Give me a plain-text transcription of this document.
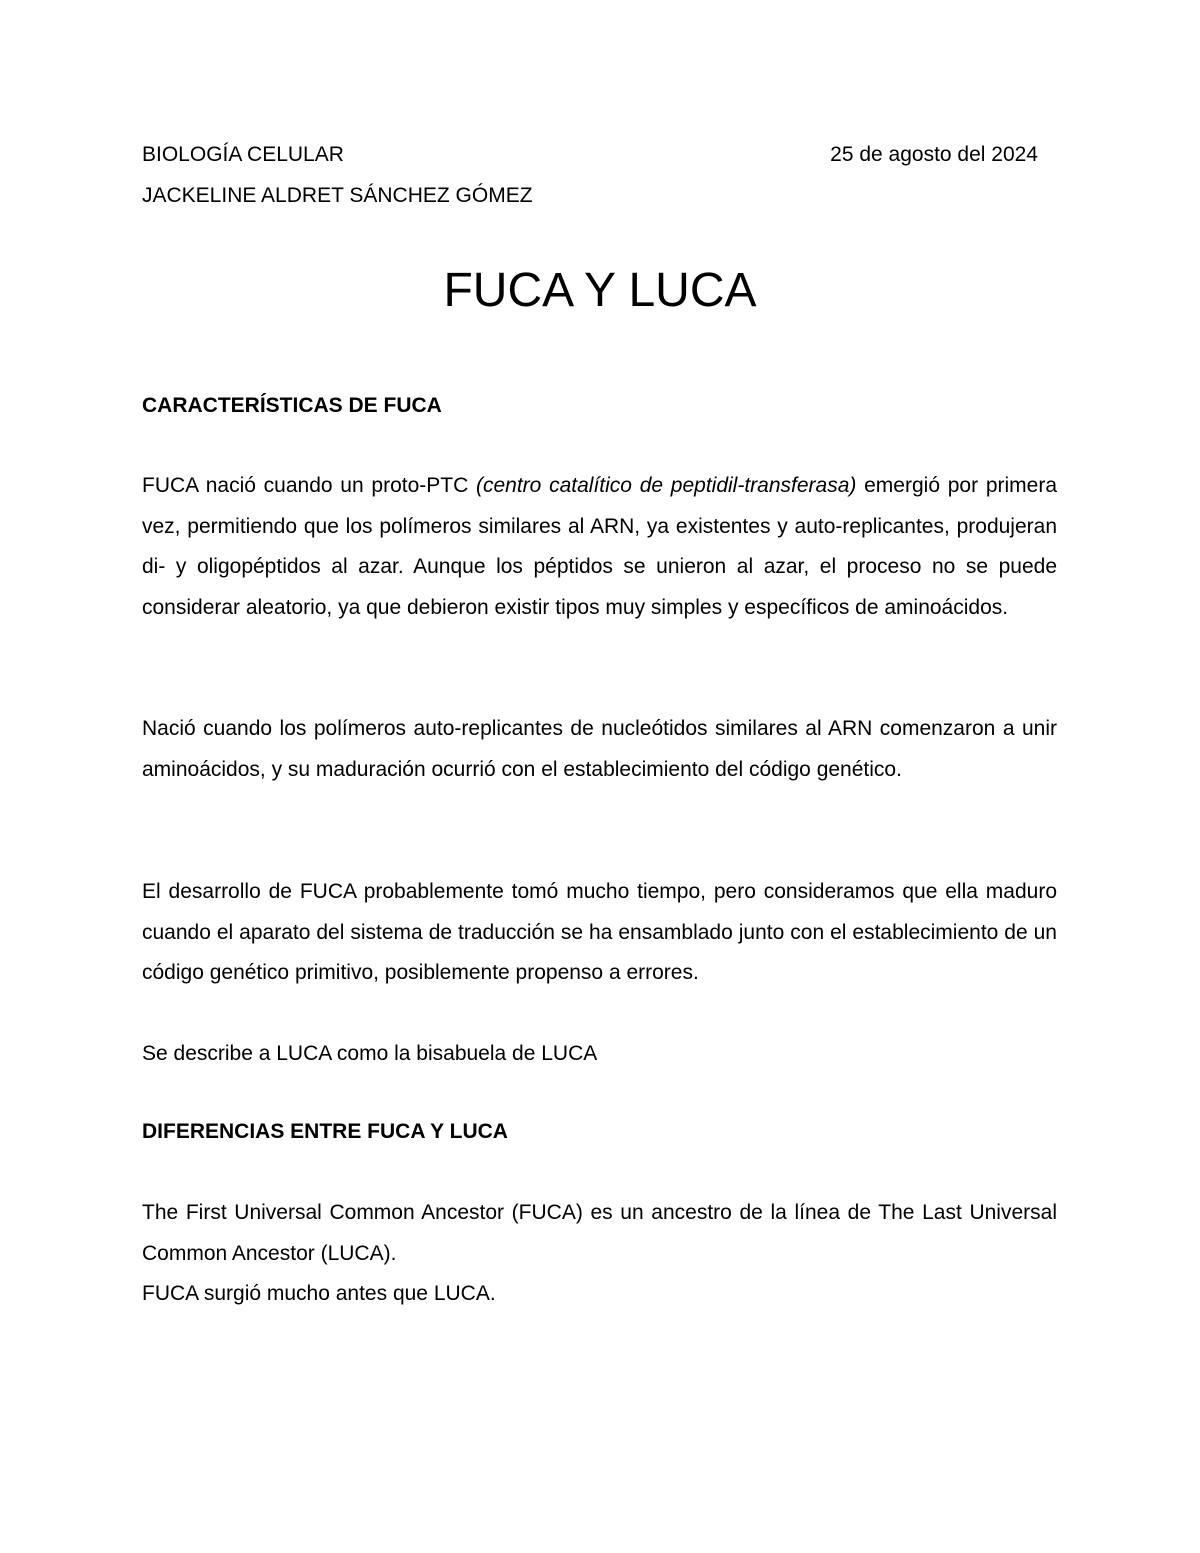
BIOLOGÍA CELULAR	25 de agosto del 2024
JACKELINE ALDRET SÁNCHEZ GÓMEZ
FUCA Y LUCA
CARACTERÍSTICAS DE FUCA
FUCA nació cuando un proto-PTC (centro catalítico de peptidil-transferasa) emergió por primera vez, permitiendo que los polímeros similares al ARN, ya existentes y auto-replicantes, produjeran di- y oligopéptidos al azar. Aunque los péptidos se unieron al azar, el proceso no se puede considerar aleatorio, ya que debieron existir tipos muy simples y específicos de aminoácidos.
Nació cuando los polímeros auto-replicantes de nucleótidos similares al ARN comenzaron a unir aminoácidos, y su maduración ocurrió con el establecimiento del código genético.
El desarrollo de FUCA probablemente tomó mucho tiempo, pero consideramos que ella maduro cuando el aparato del sistema de traducción se ha ensamblado junto con el establecimiento de un código genético primitivo, posiblemente propenso a errores.
Se describe a LUCA como la bisabuela de LUCA
DIFERENCIAS ENTRE FUCA Y LUCA
The First Universal Common Ancestor (FUCA) es un ancestro de la línea de The Last Universal Common Ancestor (LUCA).
FUCA surgió mucho antes que LUCA.
